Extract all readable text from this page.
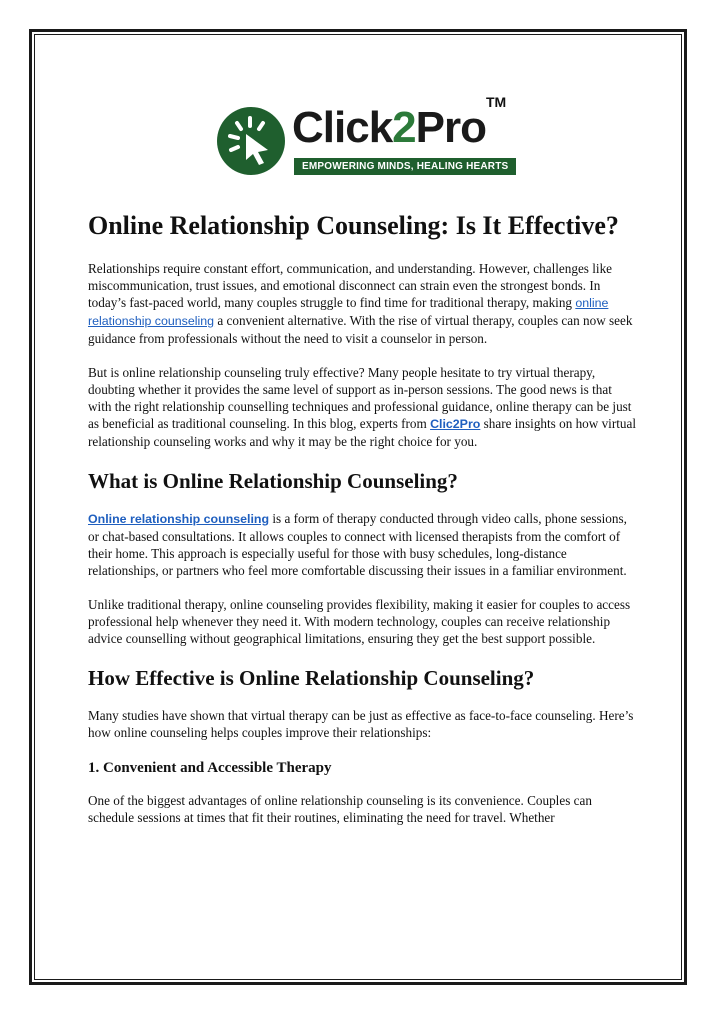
Click2Pro
TM
EMPOWERING MINDS, HEALING HEARTS
Online Relationship Counseling: Is It Effective?

Relationships require constant effort, communication, and understanding. However, challenges like miscommunication, trust issues, and emotional disconnect can strain even the strongest bonds. In today’s fast-paced world, many couples struggle to find time for traditional therapy, making online relationship counseling a convenient alternative. With the rise of virtual therapy, couples can now seek guidance from professionals without the need to visit a counselor in person.

But is online relationship counseling truly effective? Many people hesitate to try virtual therapy, doubting whether it provides the same level of support as in-person sessions. The good news is that with the right relationship counselling techniques and professional guidance, online therapy can be just as beneficial as traditional counseling. In this blog, experts from Clic2Pro share insights on how virtual relationship counseling works and why it may be the right choice for you.

What is Online Relationship Counseling?

Online relationship counseling is a form of therapy conducted through video calls, phone sessions, or chat-based consultations. It allows couples to connect with licensed therapists from the comfort of their home. This approach is especially useful for those with busy schedules, long-distance relationships, or partners who feel more comfortable discussing their issues in a familiar environment.

Unlike traditional therapy, online counseling provides flexibility, making it easier for couples to access professional help whenever they need it. With modern technology, couples can receive relationship advice counselling without geographical limitations, ensuring they get the best support possible.

How Effective is Online Relationship Counseling?

Many studies have shown that virtual therapy can be just as effective as face-to-face counseling. Here’s how online counseling helps couples improve their relationships:

1. Convenient and Accessible Therapy

One of the biggest advantages of online relationship counseling is its convenience. Couples can schedule sessions at times that fit their routines, eliminating the need for travel. Whether
